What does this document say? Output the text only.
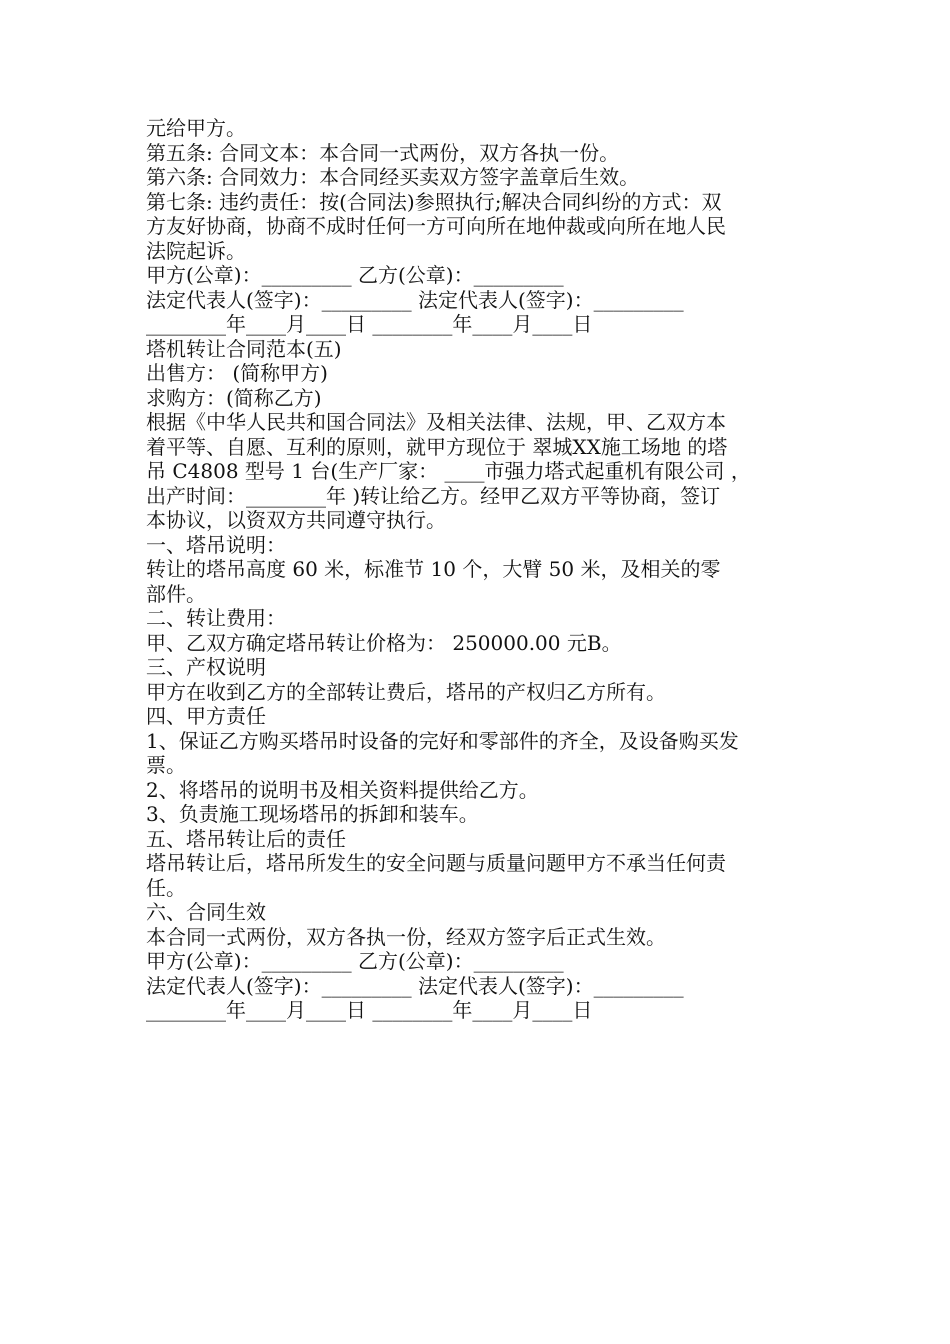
元给甲方。
第五条: 合同文本：本合同一式两份，双方各执一份。
第六条: 合同效力：本合同经买卖双方签字盖章后生效。
第七条: 违约责任：按(合同法)参照执行;解决合同纠纷的方式：双
方友好协商，协商不成时任何一方可向所在地仲裁或向所在地人民
法院起诉。
甲方(公章)：_________ 乙方(公章)：_________
法定代表人(签字)：_________ 法定代表人(签字)：_________
________年____月____日 ________年____月____日
塔机转让合同范本(五)
出售方： (简称甲方)
求购方：(简称乙方)
根据《中华人民共和国合同法》及相关法律、法规，甲、乙双方本
着平等、自愿、互利的原则，就甲方现位于 翠城XX施工场地 的塔
吊 C4808 型号 1 台(生产厂家： ____市强力塔式起重机有限公司 ，
出产时间：________年 )转让给乙方。经甲乙双方平等协商，签订
本协议，以资双方共同遵守执行。
一、塔吊说明：
转让的塔吊高度 60 米，标准节 10 个，大臂 50 米，及相关的零
部件。
二、转让费用：
甲、乙双方确定塔吊转让价格为： 250000.00 元B。
三、产权说明
甲方在收到乙方的全部转让费后，塔吊的产权归乙方所有。
四、甲方责任
1、保证乙方购买塔吊时设备的完好和零部件的齐全，及设备购买发
票。
2、将塔吊的说明书及相关资料提供给乙方。
3、负责施工现场塔吊的拆卸和装车。
五、塔吊转让后的责任
塔吊转让后，塔吊所发生的安全问题与质量问题甲方不承当任何责
任。
六、合同生效
本合同一式两份，双方各执一份，经双方签字后正式生效。
甲方(公章)：_________ 乙方(公章)：_________
法定代表人(签字)：_________ 法定代表人(签字)：_________
________年____月____日 ________年____月____日
